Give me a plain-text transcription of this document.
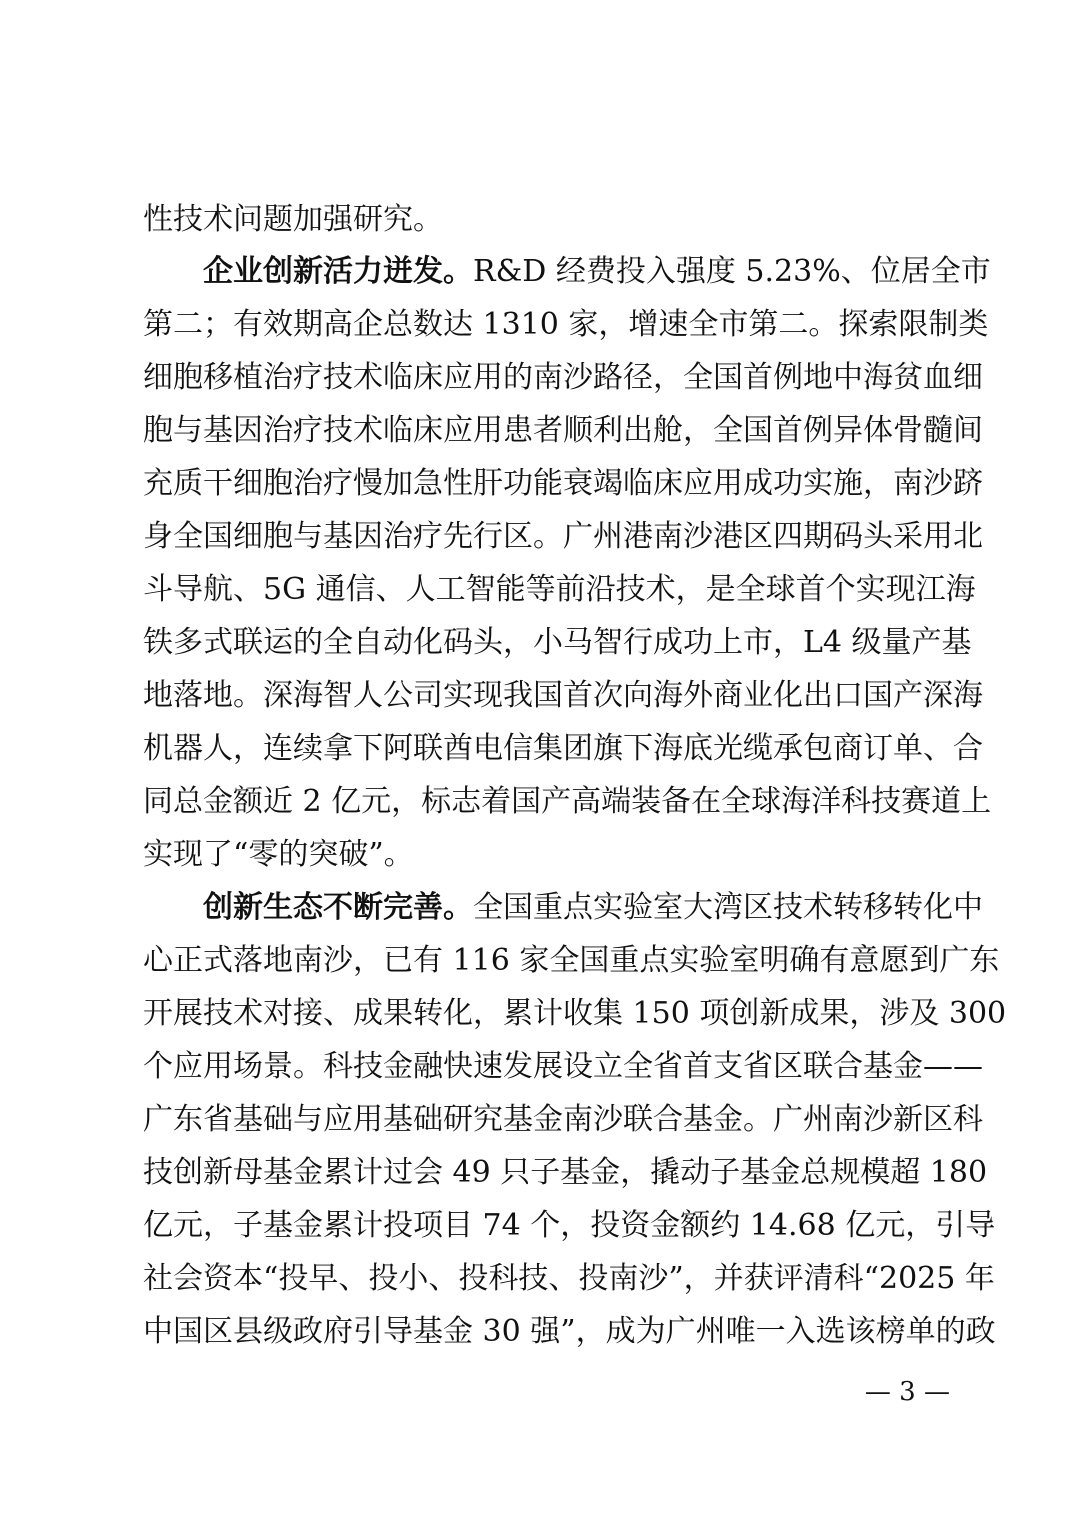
性技术问题加强研究。
企业创新活力迸发。R&D 经费投入强度 5.23%、位居全市
第二；有效期高企总数达 1310 家，增速全市第二。探索限制类
细胞移植治疗技术临床应用的南沙路径，全国首例地中海贫血细
胞与基因治疗技术临床应用患者顺利出舱，全国首例异体骨髓间
充质干细胞治疗慢加急性肝功能衰竭临床应用成功实施，南沙跻
身全国细胞与基因治疗先行区。广州港南沙港区四期码头采用北
斗导航、5G 通信、人工智能等前沿技术，是全球首个实现江海
铁多式联运的全自动化码头，小马智行成功上市，L4 级量产基
地落地。深海智人公司实现我国首次向海外商业化出口国产深海
机器人，连续拿下阿联酋电信集团旗下海底光缆承包商订单、合
同总金额近 2 亿元，标志着国产高端装备在全球海洋科技赛道上
实现了“零的突破”。
创新生态不断完善。全国重点实验室大湾区技术转移转化中
心正式落地南沙，已有 116 家全国重点实验室明确有意愿到广东
开展技术对接、成果转化，累计收集 150 项创新成果，涉及 300
个应用场景。科技金融快速发展设立全省首支省区联合基金——
广东省基础与应用基础研究基金南沙联合基金。广州南沙新区科
技创新母基金累计过会 49 只子基金，撬动子基金总规模超 180
亿元，子基金累计投项目 74 个，投资金额约 14.68 亿元，引导
社会资本“投早、投小、投科技、投南沙”，并获评清科“2025 年
中国区县级政府引导基金 30 强”，成为广州唯一入选该榜单的政
— 3 —
